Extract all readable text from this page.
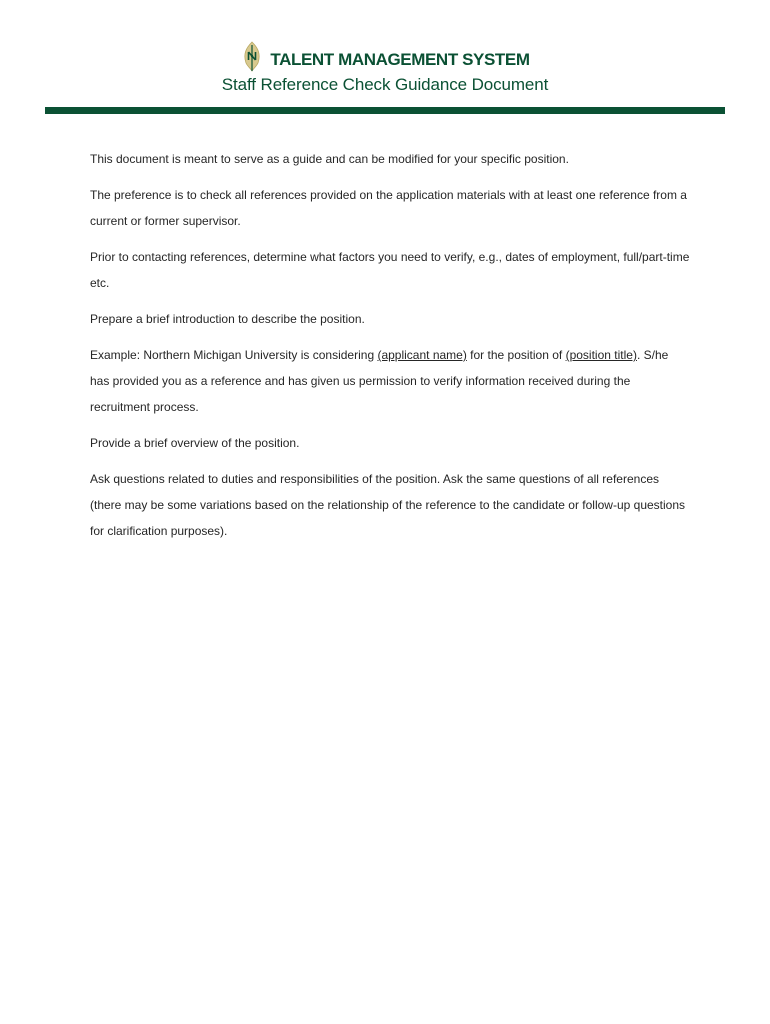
TALENT MANAGEMENT SYSTEM
Staff Reference Check Guidance Document

This document is meant to serve as a guide and can be modified for your specific position.

The preference is to check all references provided on the application materials with at least one reference from a current or former supervisor.

Prior to contacting references, determine what factors you need to verify, e.g., dates of employment, full/part-time etc.

Prepare a brief introduction to describe the position.

Example: Northern Michigan University is considering (applicant name) for the position of (position title). S/he has provided you as a reference and has given us permission to verify information received during the recruitment process.

Provide a brief overview of the position.

Ask questions related to duties and responsibilities of the position. Ask the same questions of all references (there may be some variations based on the relationship of the reference to the candidate or follow-up questions for clarification purposes).
